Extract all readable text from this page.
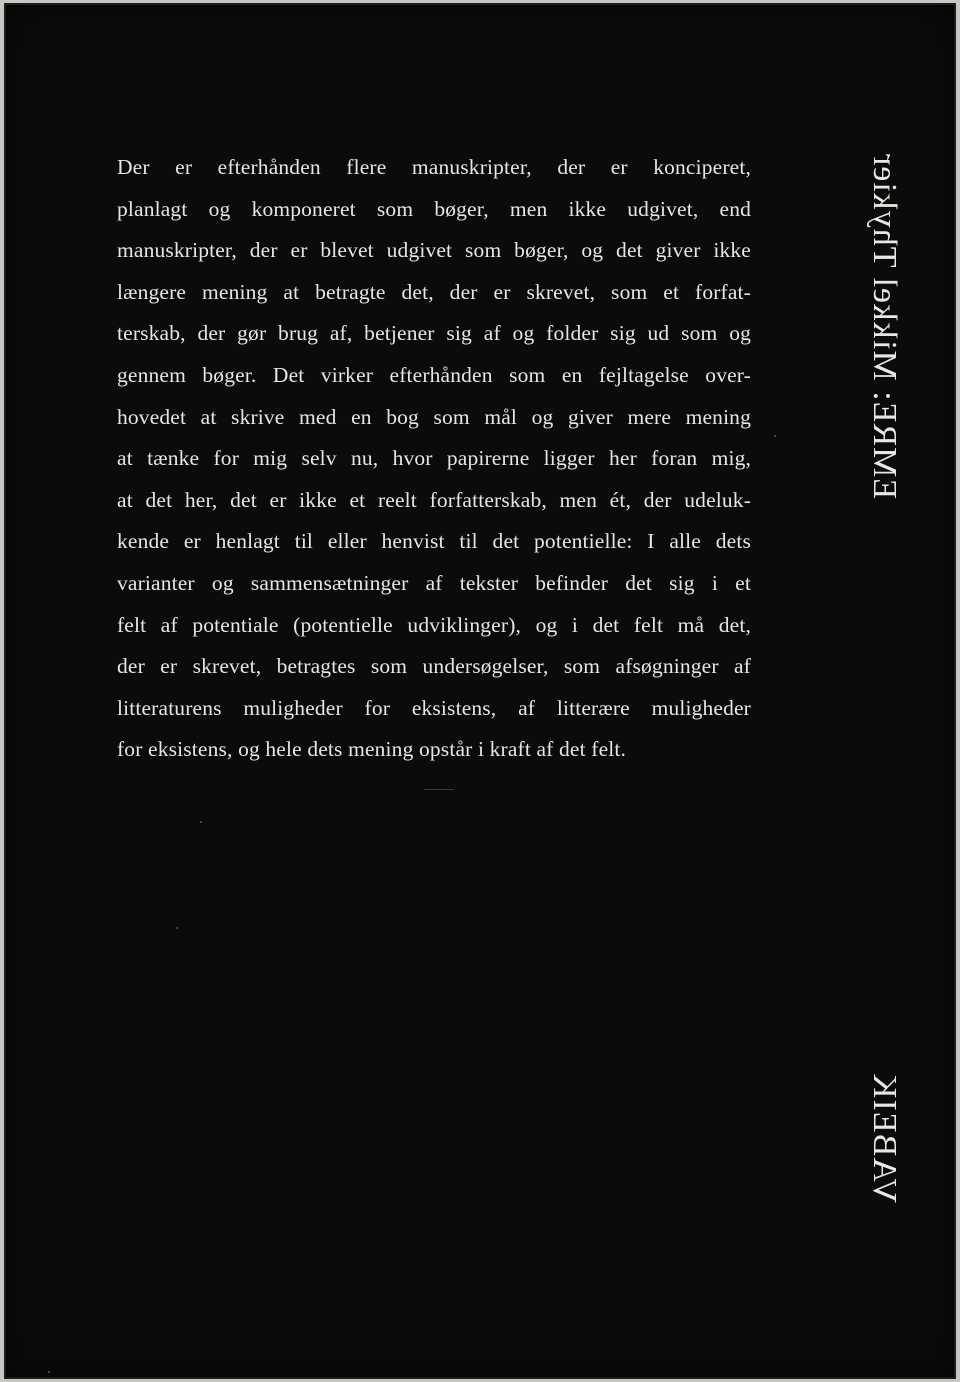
Der er efterhånden flere manuskripter, der er konciperet,
planlagt og komponeret som bøger, men ikke udgivet, end
manuskripter, der er blevet udgivet som bøger, og det giver ikke
længere mening at betragte det, der er skrevet, som et forfat-
terskab, der gør brug af, betjener sig af og folder sig ud som og
gennem bøger. Det virker efterhånden som en fejltagelse over-
hovedet at skrive med en bog som mål og giver mere mening
at tænke for mig selv nu, hvor papirerne ligger her foran mig,
at det her, det er ikke et reelt forfatterskab, men ét, der udeluk-
kende er henlagt til eller henvist til det potentielle: I alle dets
varianter og sammensætninger af tekster befinder det sig i et
felt af potentiale (potentielle udviklinger), og i det felt må det,
der er skrevet, betragtes som undersøgelser, som afsøgninger af
litteraturens muligheder for eksistens, af litterære muligheder
for eksistens, og hele dets mening opstår i kraft af det felt.
EMRE: Mikkel Thykier
VABEIK
